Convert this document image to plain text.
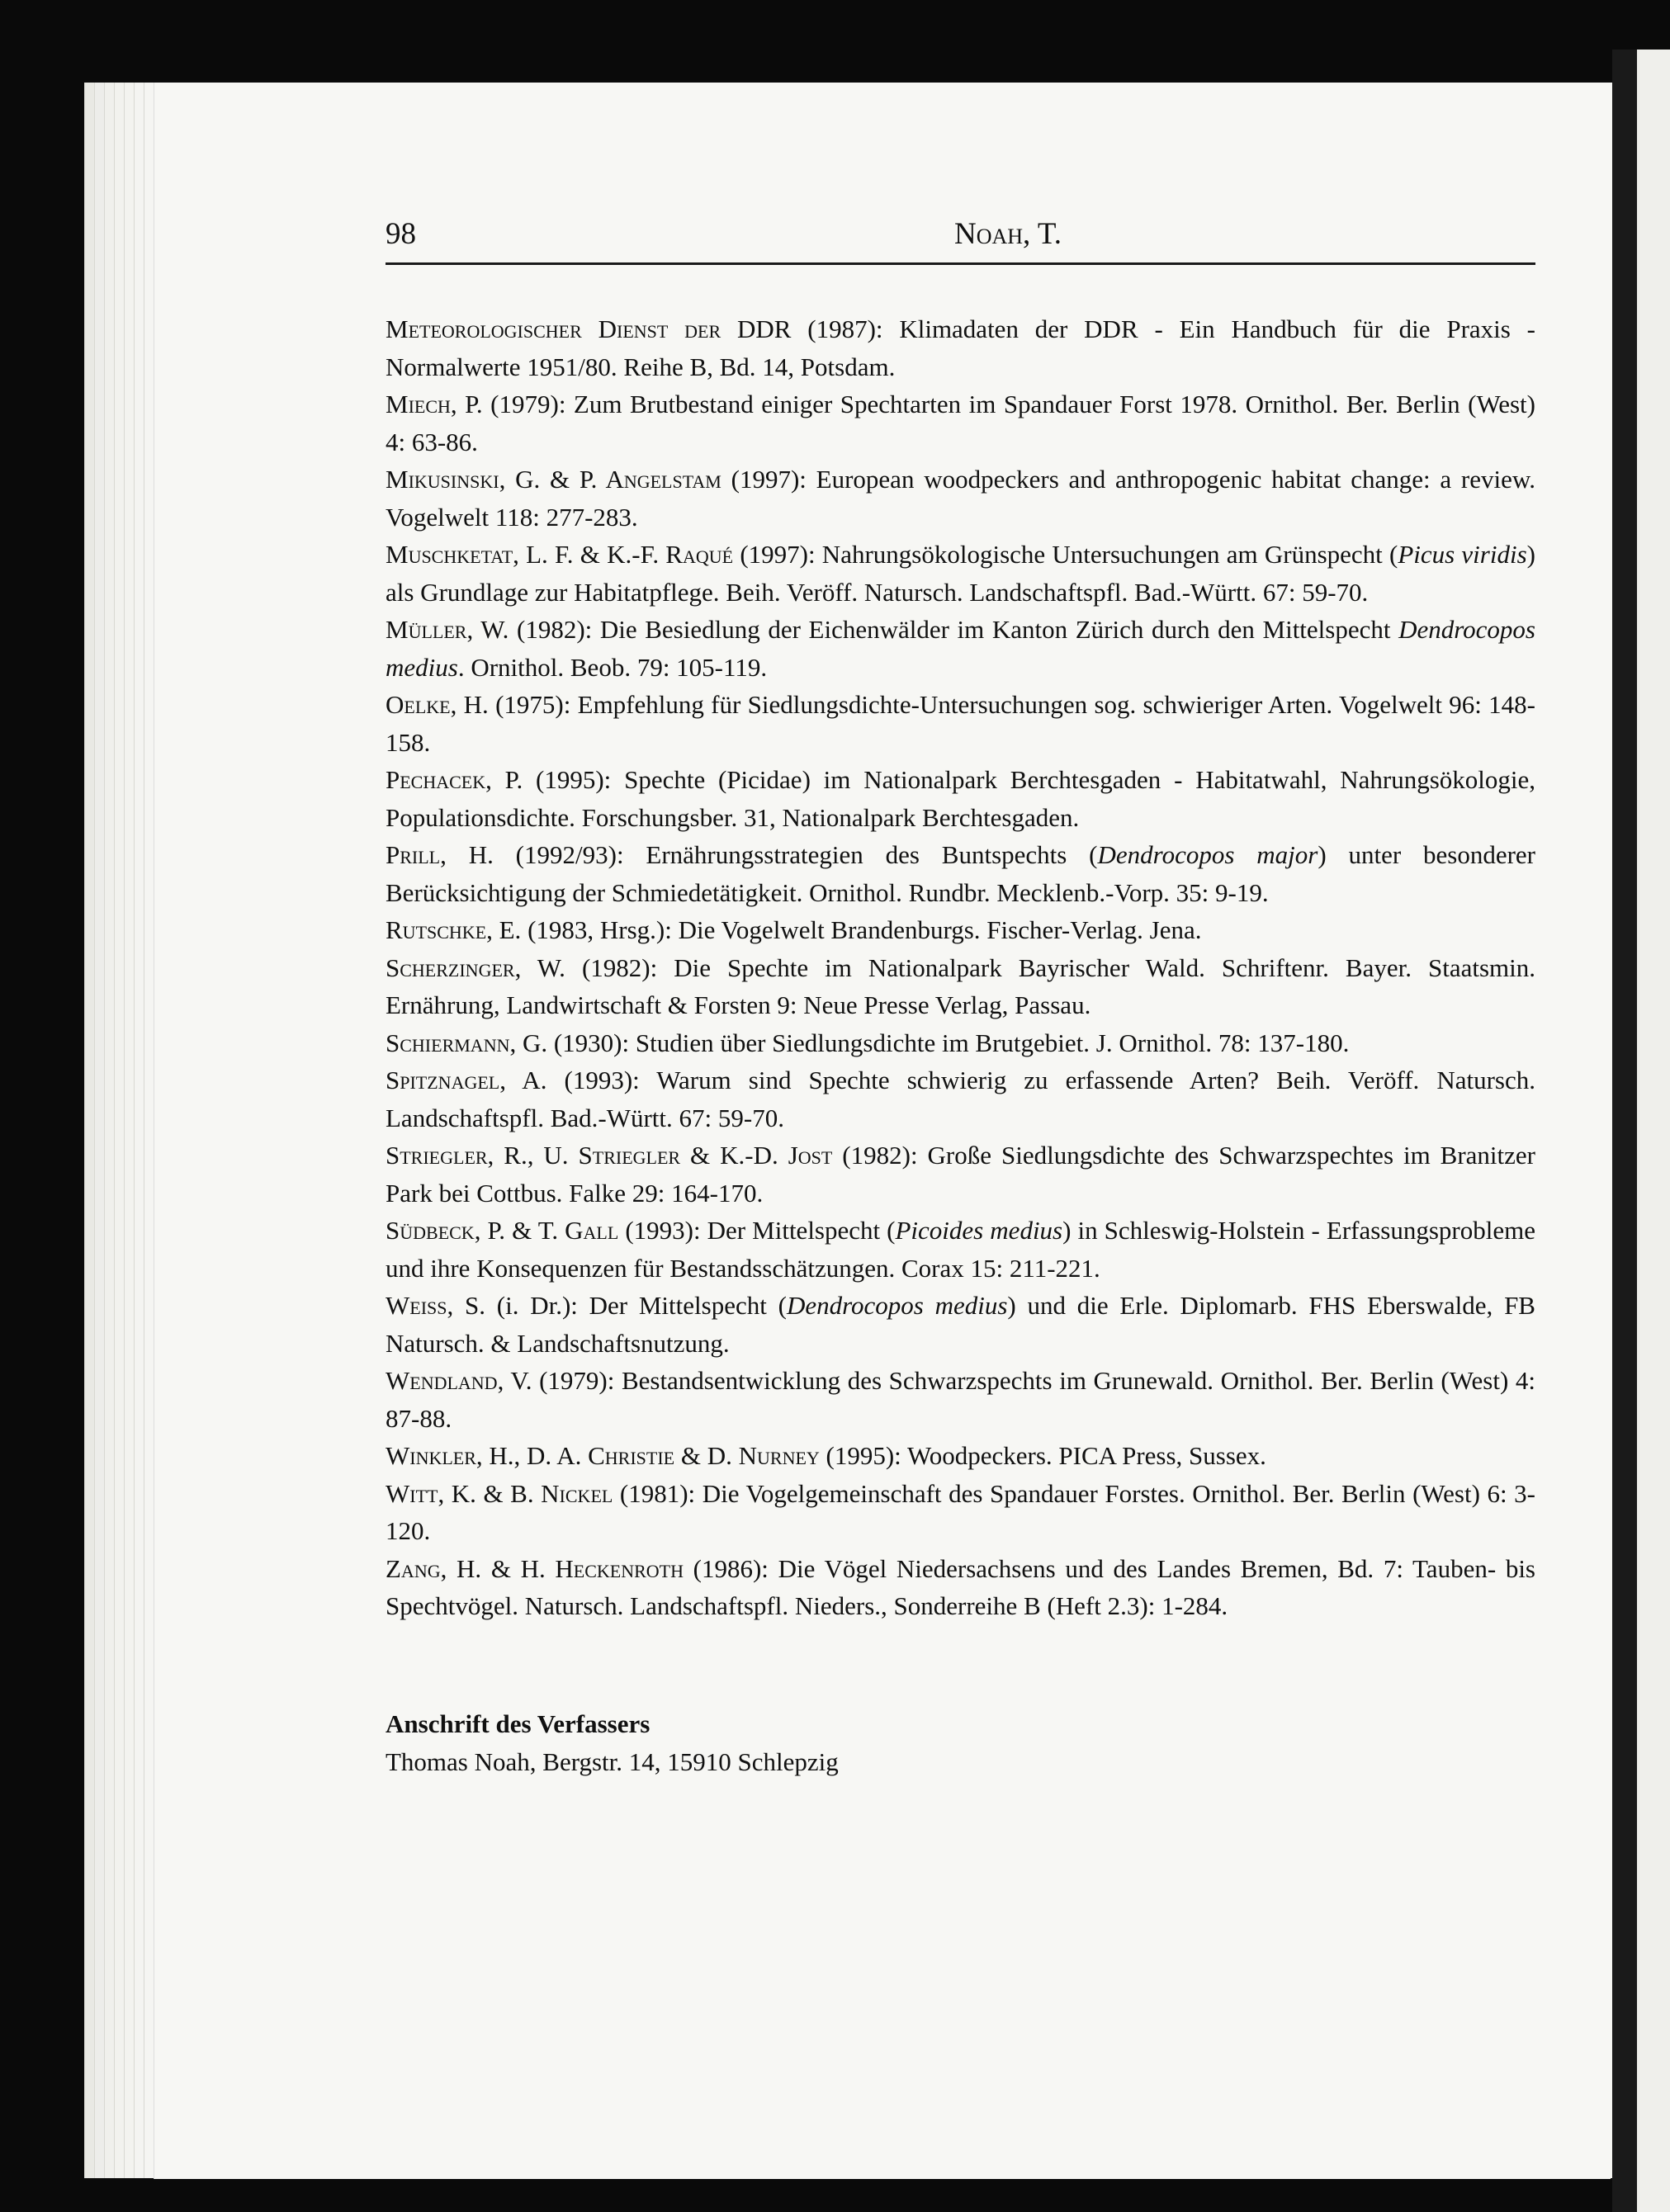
98	Noah, T.
Meteorologischer Dienst der DDR (1987): Klimadaten der DDR - Ein Handbuch für die Praxis - Normalwerte 1951/80. Reihe B, Bd. 14, Potsdam.
Miech, P. (1979): Zum Brutbestand einiger Spechtarten im Spandauer Forst 1978. Ornithol. Ber. Berlin (West) 4: 63-86.
Mikusinski, G. & P. Angelstam (1997): European woodpeckers and anthropogenic habitat change: a review. Vogelwelt 118: 277-283.
Muschketat, L. F. & K.-F. Raqué (1997): Nahrungsökologische Untersuchungen am Grünspecht (Picus viridis) als Grundlage zur Habitatpflege. Beih. Veröff. Natursch. Landschaftspfl. Bad.-Württ. 67: 59-70.
Müller, W. (1982): Die Besiedlung der Eichenwälder im Kanton Zürich durch den Mittelspecht Dendrocopos medius. Ornithol. Beob. 79: 105-119.
Oelke, H. (1975): Empfehlung für Siedlungsdichte-Untersuchungen sog. schwieriger Arten. Vogelwelt 96: 148-158.
Pechacek, P. (1995): Spechte (Picidae) im Nationalpark Berchtesgaden - Habitatwahl, Nahrungsökologie, Populationsdichte. Forschungsber. 31, Nationalpark Berchtesgaden.
Prill, H. (1992/93): Ernährungsstrategien des Buntspechts (Dendrocopos major) unter besonderer Berücksichtigung der Schmiedetätigkeit. Ornithol. Rundbr. Mecklenb.-Vorp. 35: 9-19.
Rutschke, E. (1983, Hrsg.): Die Vogelwelt Brandenburgs. Fischer-Verlag. Jena.
Scherzinger, W. (1982): Die Spechte im Nationalpark Bayrischer Wald. Schriftenr. Bayer. Staatsmin. Ernährung, Landwirtschaft & Forsten 9: Neue Presse Verlag, Passau.
Schiermann, G. (1930): Studien über Siedlungsdichte im Brutgebiet. J. Ornithol. 78: 137-180.
Spitznagel, A. (1993): Warum sind Spechte schwierig zu erfassende Arten? Beih. Veröff. Natursch. Landschaftspfl. Bad.-Württ. 67: 59-70.
Striegler, R., U. Striegler & K.-D. Jost (1982): Große Siedlungsdichte des Schwarzspechtes im Branitzer Park bei Cottbus. Falke 29: 164-170.
Südbeck, P. & T. Gall (1993): Der Mittelspecht (Picoides medius) in Schleswig-Holstein - Erfassungsprobleme und ihre Konsequenzen für Bestandsschätzungen. Corax 15: 211-221.
Weiß, S. (i. Dr.): Der Mittelspecht (Dendrocopos medius) und die Erle. Diplomarb. FHS Eberswalde, FB Natursch. & Landschaftsnutzung.
Wendland, V. (1979): Bestandsentwicklung des Schwarzspechts im Grunewald. Ornithol. Ber. Berlin (West) 4: 87-88.
Winkler, H., D. A. Christie & D. Nurney (1995): Woodpeckers. PICA Press, Sussex.
Witt, K. & B. Nickel (1981): Die Vogelgemeinschaft des Spandauer Forstes. Ornithol. Ber. Berlin (West) 6: 3-120.
Zang, H. & H. Heckenroth (1986): Die Vögel Niedersachsens und des Landes Bremen, Bd. 7: Tauben- bis Spechtvögel. Natursch. Landschaftspfl. Nieders., Sonderreihe B (Heft 2.3): 1-284.
Anschrift des Verfassers
Thomas Noah, Bergstr. 14, 15910 Schlepzig
